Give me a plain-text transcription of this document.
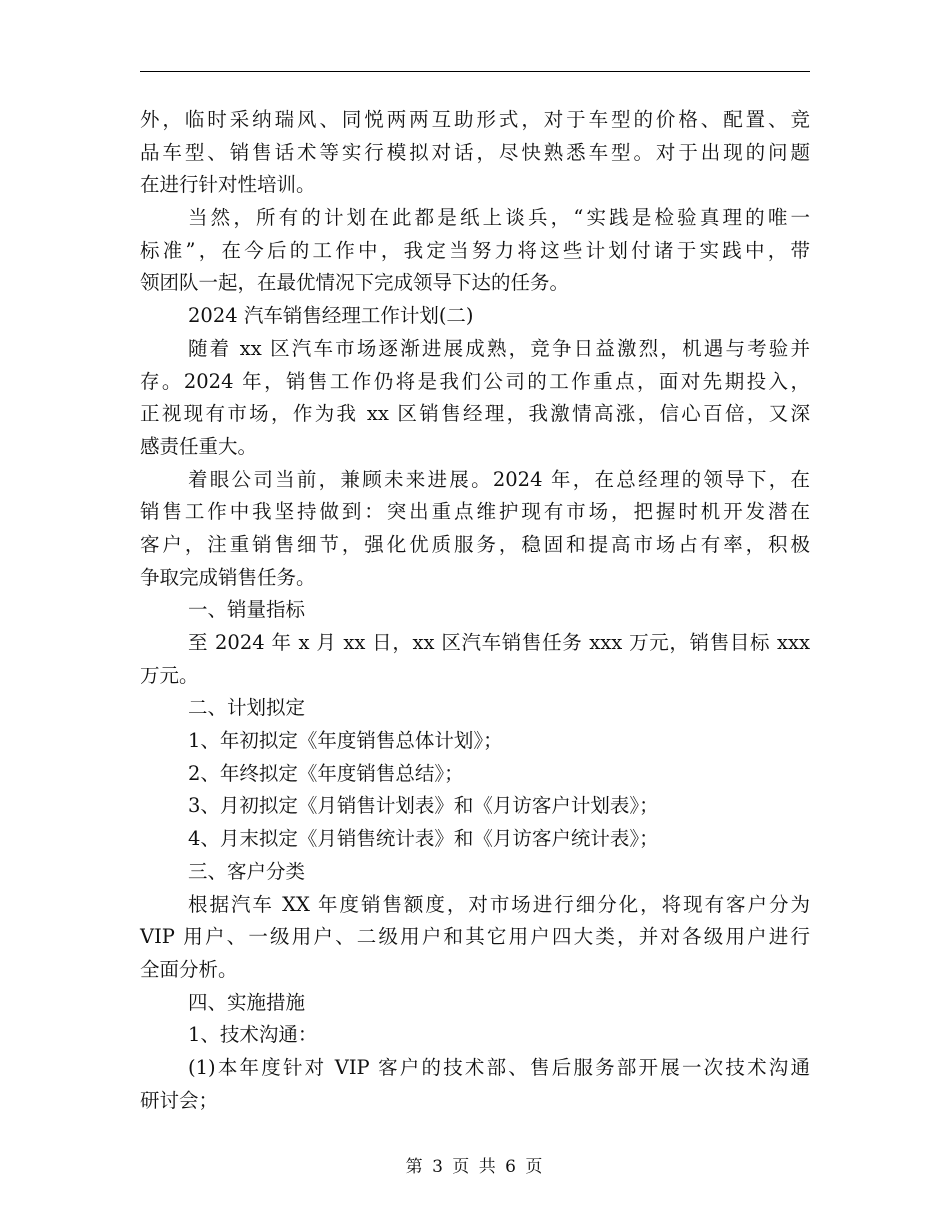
外，临时采纳瑞风、同悦两两互助形式，对于车型的价格、配置、竞
品车型、销售话术等实行模拟对话，尽快熟悉车型。对于出现的问题
在进行针对性培训。
当然，所有的计划在此都是纸上谈兵，“实践是检验真理的唯一
标准”，在今后的工作中，我定当努力将这些计划付诸于实践中，带
领团队一起，在最优情况下完成领导下达的任务。
2024 汽车销售经理工作计划(二)
随着 xx 区汽车市场逐渐进展成熟，竞争日益激烈，机遇与考验并
存。2024 年，销售工作仍将是我们公司的工作重点，面对先期投入，
正视现有市场，作为我 xx 区销售经理，我激情高涨，信心百倍，又深
感责任重大。
着眼公司当前，兼顾未来进展。2024 年，在总经理的领导下，在
销售工作中我坚持做到：突出重点维护现有市场，把握时机开发潜在
客户，注重销售细节，强化优质服务，稳固和提高市场占有率，积极
争取完成销售任务。
一、销量指标
至 2024 年 x 月 xx 日，xx 区汽车销售任务 xxx 万元，销售目标 xxx
万元。
二、计划拟定
1、年初拟定《年度销售总体计划》；
2、年终拟定《年度销售总结》；
3、月初拟定《月销售计划表》和《月访客户计划表》；
4、月末拟定《月销售统计表》和《月访客户统计表》；
三、客户分类
根据汽车 XX 年度销售额度，对市场进行细分化，将现有客户分为
VIP 用户、一级用户、二级用户和其它用户四大类，并对各级用户进行
全面分析。
四、实施措施
1、技术沟通：
(1)本年度针对 VIP 客户的技术部、售后服务部开展一次技术沟通
研讨会；
第 3 页 共 6 页
